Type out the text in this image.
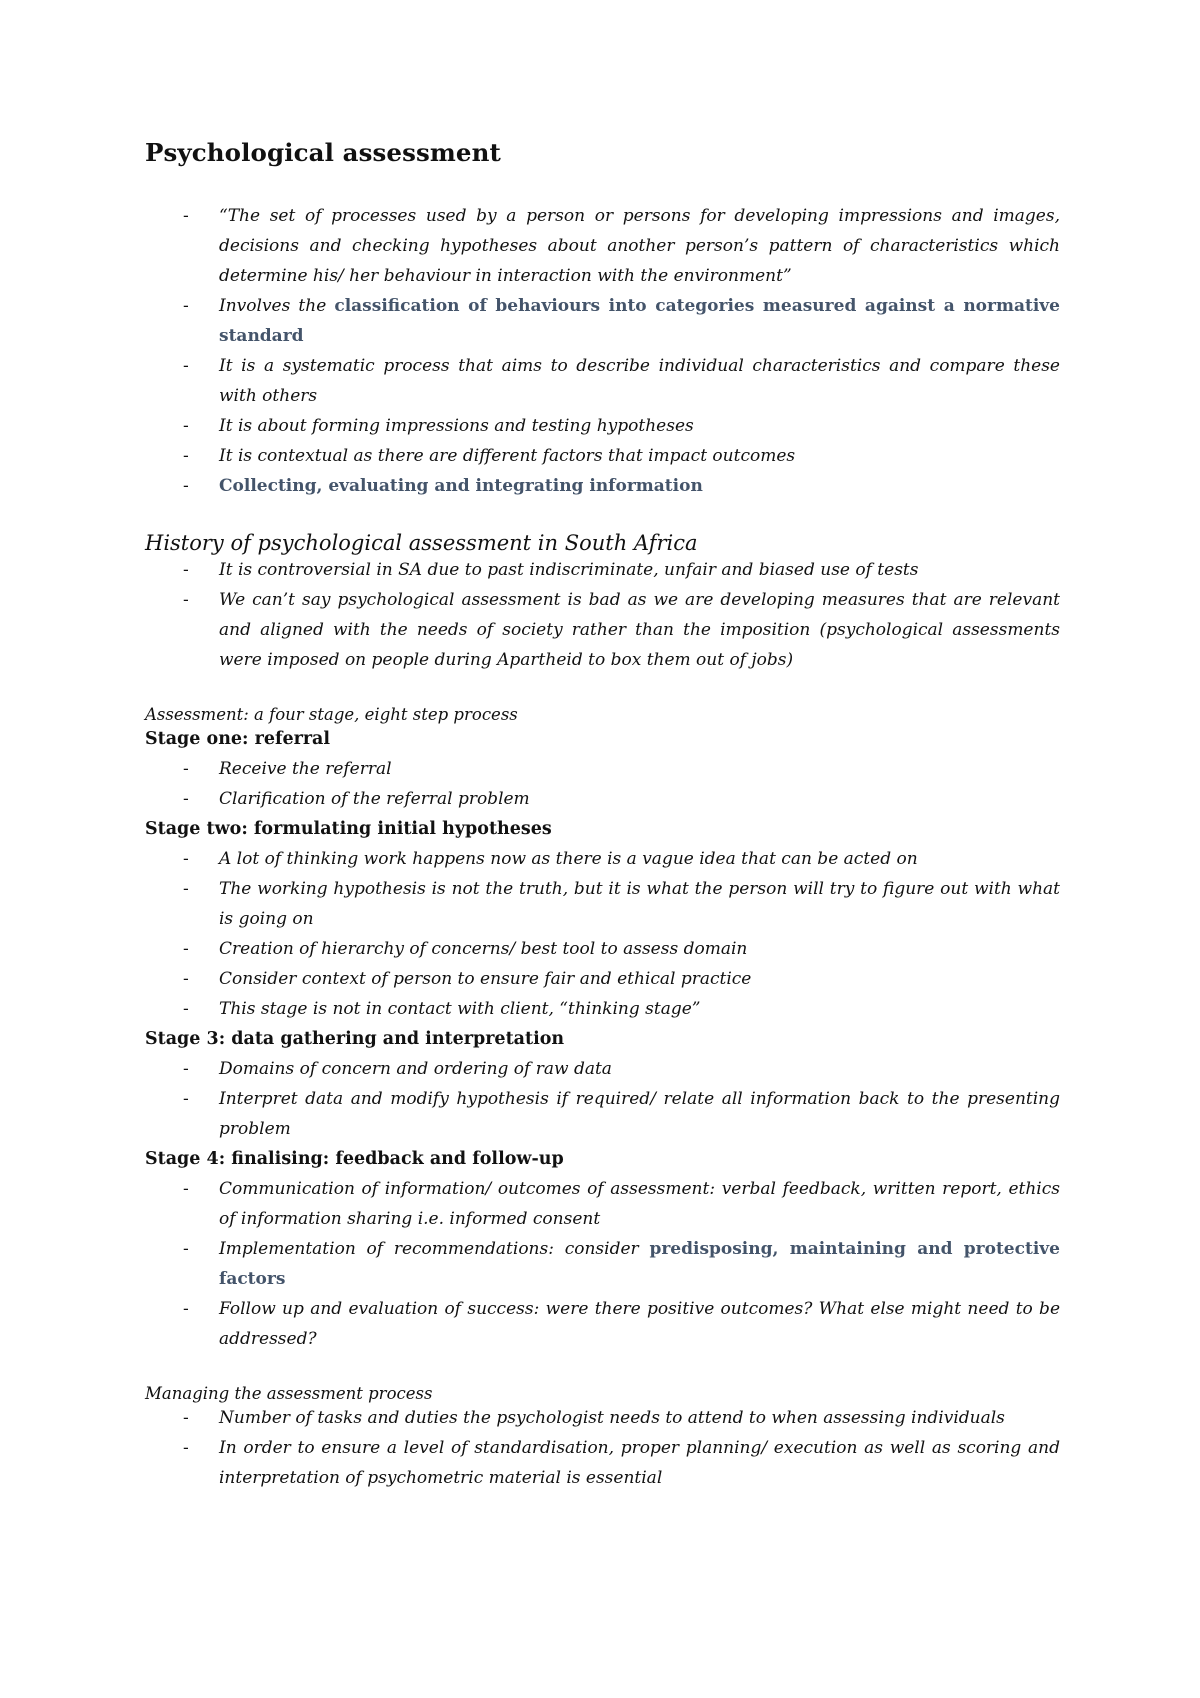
Psychological assessment
- “The set of processes used by a person or persons for developing impressions and images, decisions and checking hypotheses about another person’s pattern of characteristics which determine his/ her behaviour in interaction with the environment”
- Involves the classification of behaviours into categories measured against a normative standard
- It is a systematic process that aims to describe individual characteristics and compare these with others
- It is about forming impressions and testing hypotheses
- It is contextual as there are different factors that impact outcomes
- Collecting, evaluating and integrating information

History of psychological assessment in South Africa

- It is controversial in SA due to past indiscriminate, unfair and biased use of tests
- We can’t say psychological assessment is bad as we are developing measures that are relevant and aligned with the needs of society rather than the imposition (psychological assessments were imposed on people during Apartheid to box them out of jobs)

Assessment: a four stage, eight step process

Stage one: referral

- Receive the referral
- Clarification of the referral problem

Stage two: formulating initial hypotheses

- A lot of thinking work happens now as there is a vague idea that can be acted on
- The working hypothesis is not the truth, but it is what the person will try to figure out with what is going on
- Creation of hierarchy of concerns/ best tool to assess domain
- Consider context of person to ensure fair and ethical practice
- This stage is not in contact with client, “thinking stage”

Stage 3: data gathering and interpretation

- Domains of concern and ordering of raw data
- Interpret data and modify hypothesis if required/ relate all information back to the presenting problem

Stage 4: finalising: feedback and follow-up

- Communication of information/ outcomes of assessment: verbal feedback, written report, ethics of information sharing i.e. informed consent
- Implementation of recommendations: consider predisposing, maintaining and protective factors
- Follow up and evaluation of success: were there positive outcomes? What else might need to be addressed?

Managing the assessment process

- Number of tasks and duties the psychologist needs to attend to when assessing individuals
- In order to ensure a level of standardisation, proper planning/ execution as well as scoring and interpretation of psychometric material is essential
